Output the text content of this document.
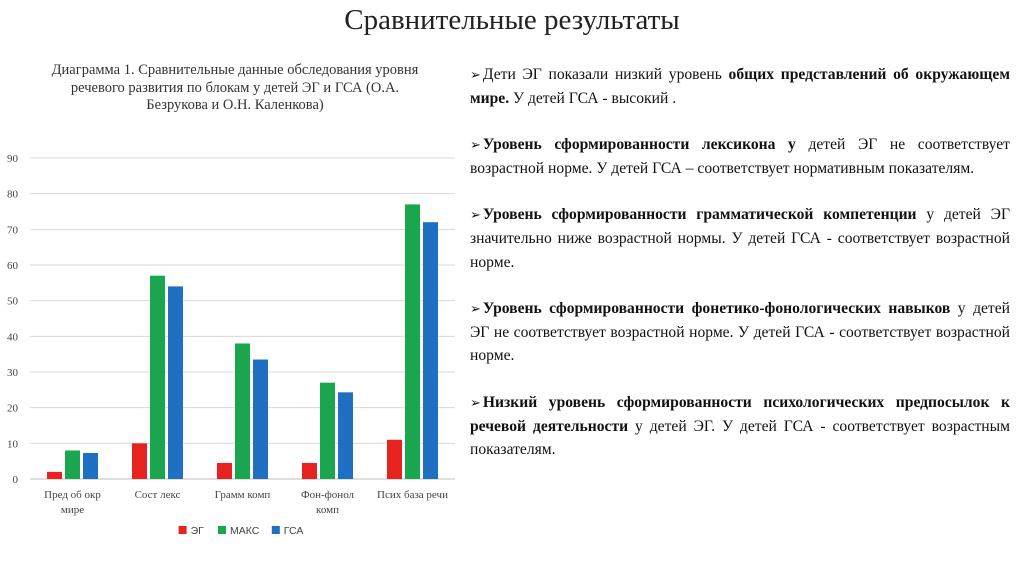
Сравнительные результаты
Диаграмма 1. Сравнительные данные обследования уровня речевого развития по блокам у детей ЭГ и ГСА (О.А. Безрукова и О.Н. Каленкова)
0
10
20
30
40
50
60
70
80
90
Пред об окр мире
Сост лекс	Грамм комп	Фон-фонол комп
Псих база речи
ЭГ МАКС ГСА

➢ Дети ЭГ показали низкий уровень общих представлений об окружающем мире. У детей ГСА - высокий .

➢ Уровень сформированности лексикона у детей ЭГ не соответствует возрастной норме. У детей ГСА – соответствует нормативным показателям.

➢ Уровень сформированности грамматической компетенции у детей ЭГ значительно ниже возрастной нормы. У детей ГСА - соответствует возрастной норме.

➢ Уровень сформированности фонетико-фонологических навыков у детей ЭГ не соответствует возрастной норме. У детей ГСА - соответствует возрастной норме.

➢ Низкий уровень сформированности психологических предпосылок к речевой деятельности у детей ЭГ. У детей ГСА - соответствует возрастным показателям.
